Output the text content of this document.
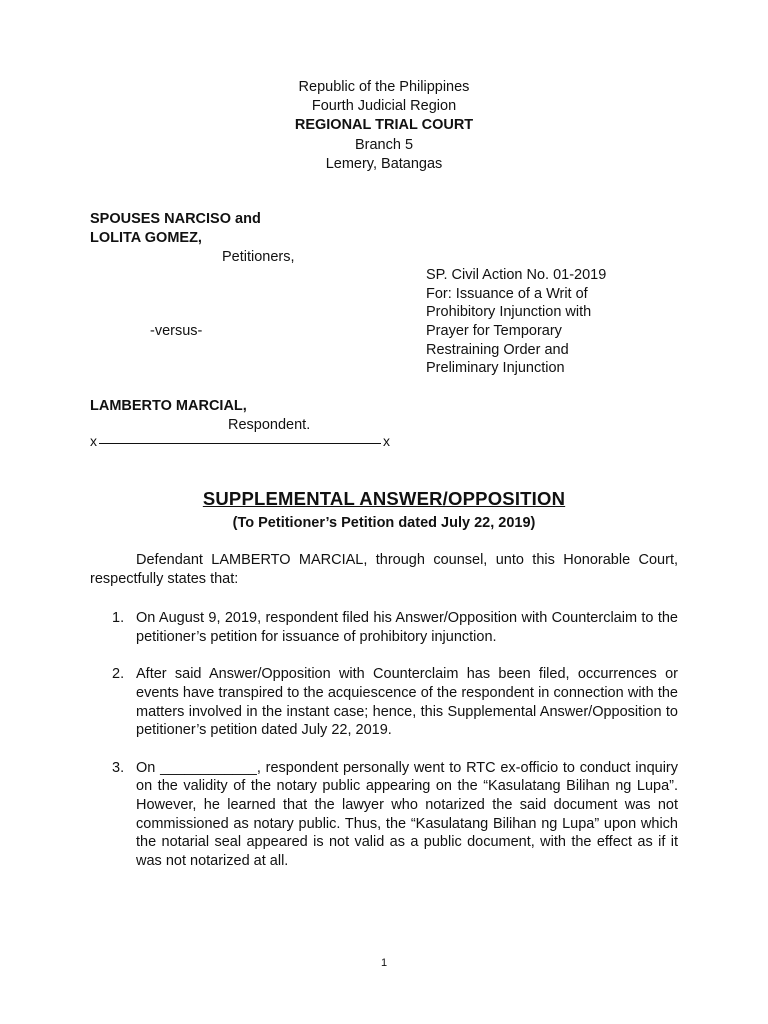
Republic of the Philippines
Fourth Judicial Region
REGIONAL TRIAL COURT
Branch 5
Lemery, Batangas

SPOUSES NARCISO and

LOLITA GOMEZ,

Petitioners,

-versus-

LAMBERTO MARCIAL,

Respondent.

SP. Civil Action No. 01-2019
For: Issuance of a Writ of
Prohibitory Injunction with
Prayer for Temporary
Restraining Order and
Preliminary Injunction
x	x

SUPPLEMENTAL ANSWER/OPPOSITION

(To Petitioner’s Petition dated July 22, 2019)

Defendant LAMBERTO MARCIAL, through counsel, unto this Honorable Court, respectfully states that:

1. On August 9, 2019, respondent filed his Answer/Opposition with Counterclaim to the petitioner’s petition for issuance of prohibitory injunction.
2. After said Answer/Opposition with Counterclaim has been filed, occurrences or events have transpired to the acquiescence of the respondent in connection with the matters involved in the instant case; hence, this Supplemental Answer/Opposition to petitioner’s petition dated July 22, 2019.
3. On ____________, respondent personally went to RTC ex-officio to conduct inquiry on the validity of the notary public appearing on the “Kasulatang Bilihan ng Lupa”. However, he learned that the lawyer who notarized the said document was not commissioned as notary public. Thus, the “Kasulatang Bilihan ng Lupa” upon which the notarial seal appeared is not valid as a public document, with the effect as if it was not notarized at all.
1
